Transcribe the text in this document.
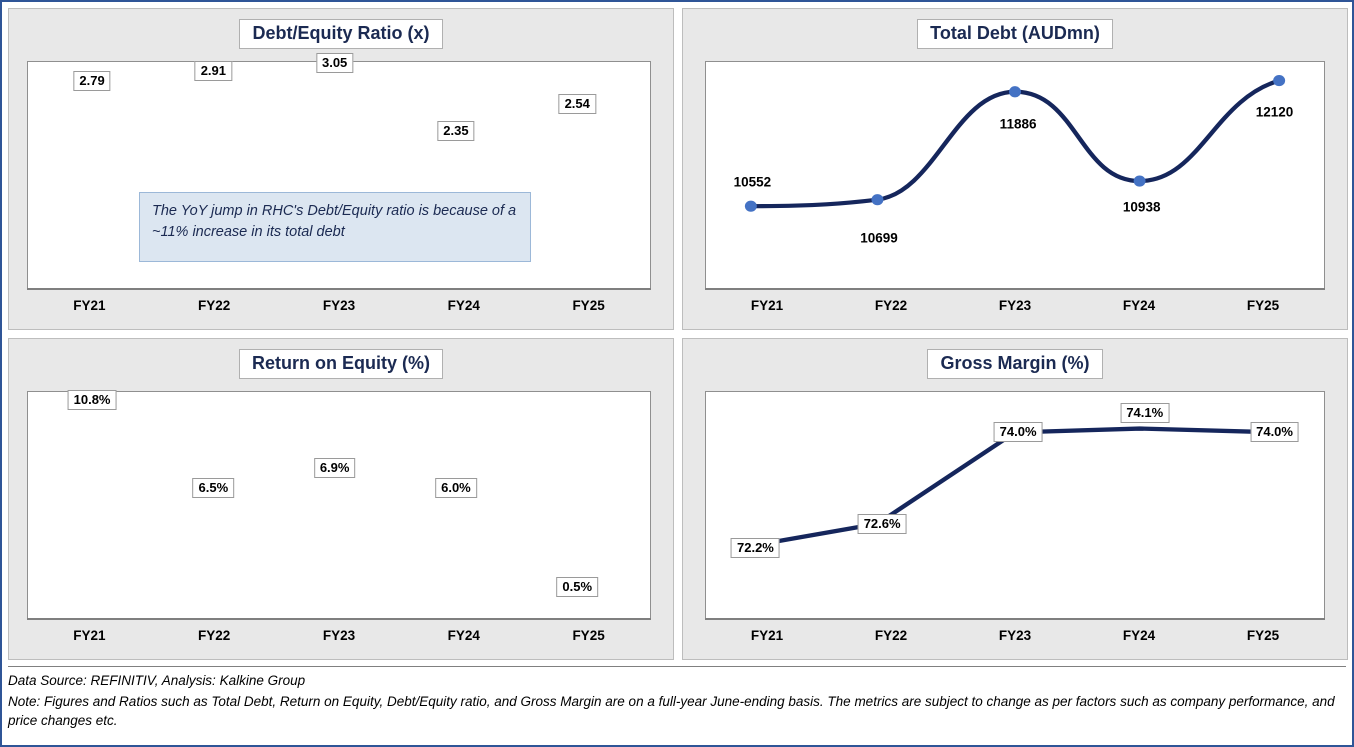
Debt/Equity Ratio (x)
2.79
2.91
3.05
2.35
2.54
FY21	FY22	FY23	FY24	FY25
The YoY jump in RHC's Debt/Equity ratio is because of a ~11% increase in its total debt
Total Debt (AUDmn)
10552
10699
11886
10938
12120
FY21	FY22	FY23	FY24	FY25
Return on Equity (%)
10.8%
6.5%
6.9%
6.0%
0.5%
FY21	FY22	FY23	FY24	FY25
Gross Margin (%)
72.2%
72.6%
74.0%
74.1%
74.0%
FY21	FY22	FY23	FY24	FY25

Data Source: REFINITIV, Analysis: Kalkine Group

Note: Figures and Ratios such as Total Debt, Return on Equity, Debt/Equity ratio, and Gross Margin are on a full-year June-ending basis. The metrics are subject to change as per factors such as company performance, and price changes etc.
